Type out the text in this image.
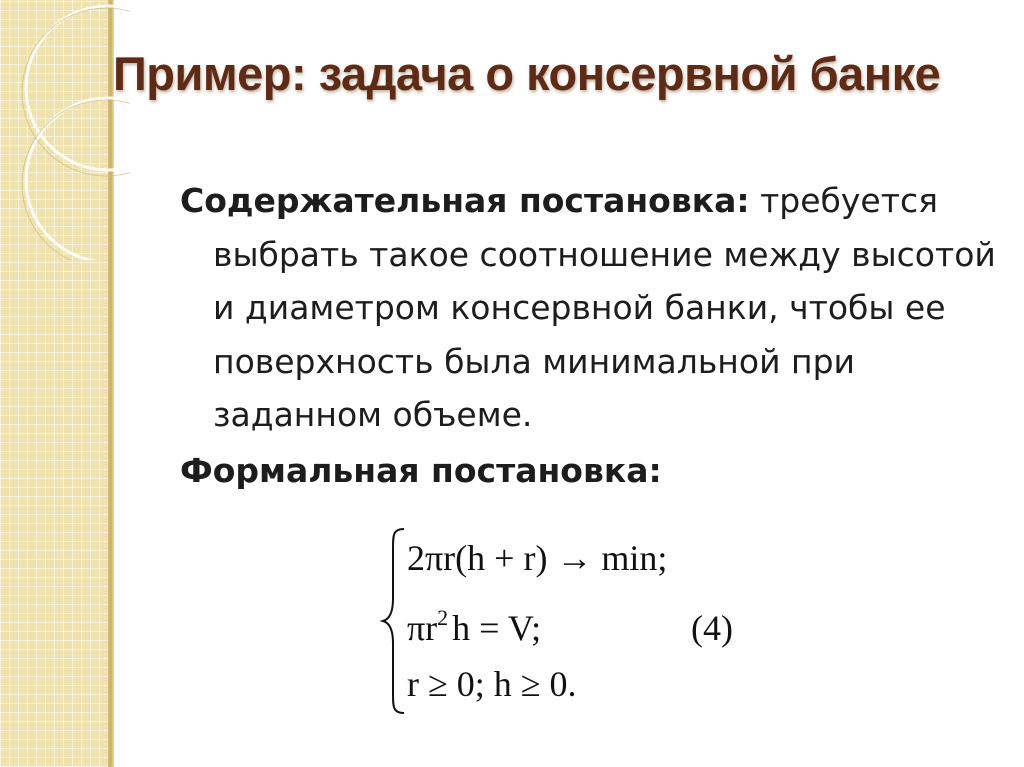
Пример: задача о консервной банке

Содержательная постановка: требуется выбрать такое соотношение между высотой и диаметром консервной банки, чтобы ее поверхность была минимальной при заданном объеме.

Формальная постановка:

2πr(h + r) → min;
$\pi r^2$ h = V;
r ≥ 0; h ≥ 0.
(4)
